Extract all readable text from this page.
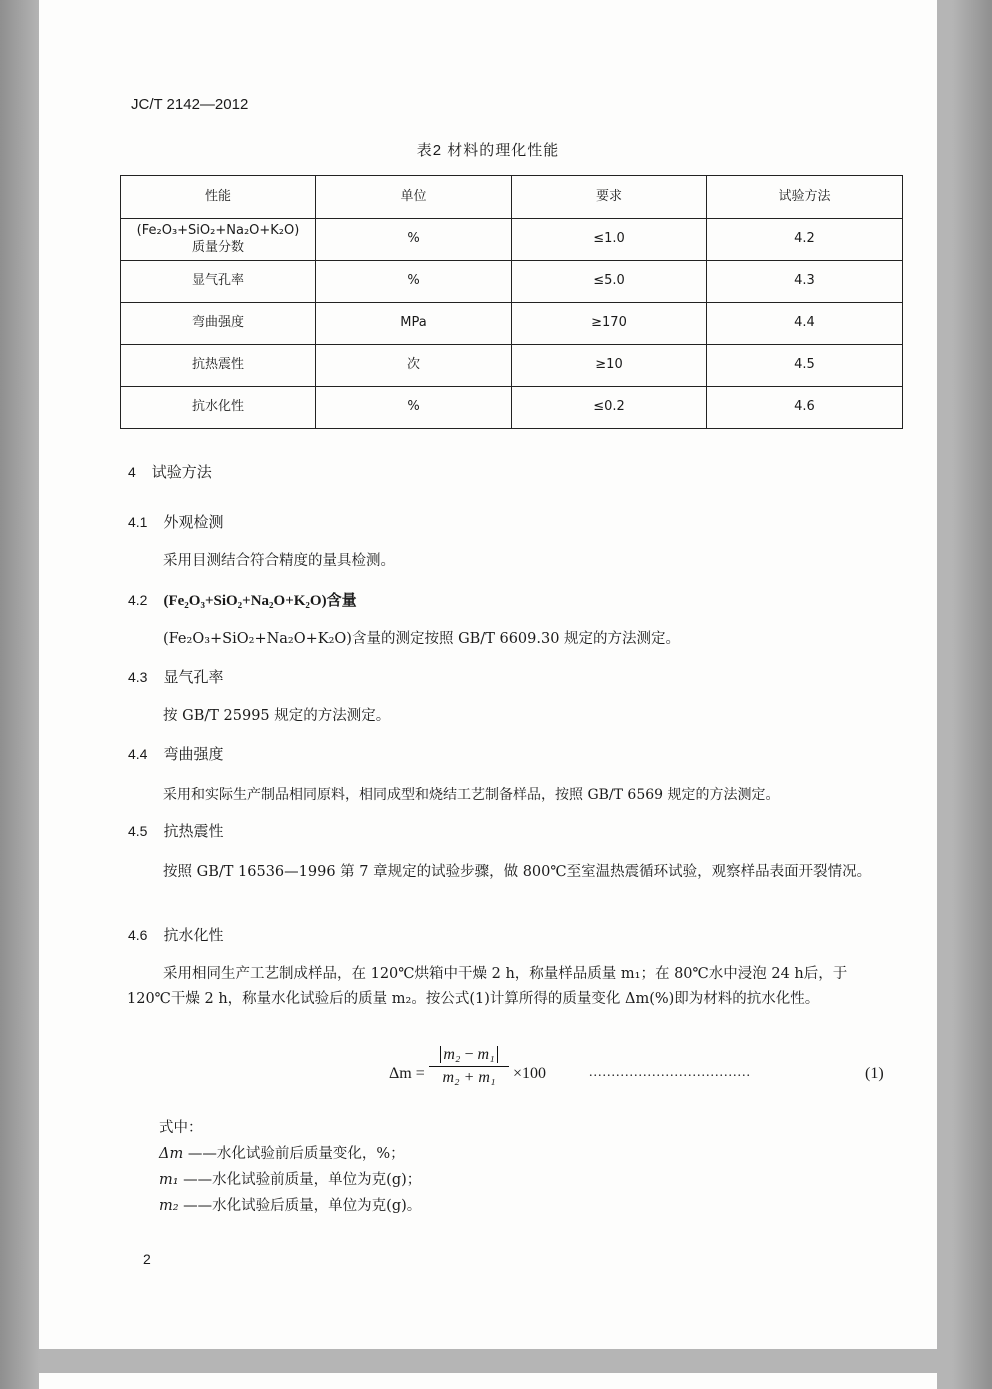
JC/T 2142—2012
表2 材料的理化性能
性能	单位	要求	试验方法

(Fe₂O₃+SiO₂+Na₂O+K₂O)
质量分数	%	≤1.0	4.2
显气孔率	%	≤5.0	4.3
弯曲强度	MPa	≥170	4.4
抗热震性	次	≥10	4.5
抗水化性	%	≤0.2	4.6
4 试验方法
4.1 外观检测
采用目测结合符合精度的量具检测。
4.2 (Fe₂O₃+SiO₂+Na₂O+K₂O)含量
(Fe₂O₃+SiO₂+Na₂O+K₂O)含量的测定按照 GB/T 6609.30 规定的方法测定。
4.3 显气孔率
按 GB/T 25995 规定的方法测定。
4.4 弯曲强度
采用和实际生产制品相同原料，相同成型和烧结工艺制备样品，按照 GB/T 6569 规定的方法测定。
4.5 抗热震性
按照 GB/T 16536—1996 第 7 章规定的试验步骤，做 800℃至室温热震循环试验，观察样品表面开裂情况。
4.6 抗水化性
采用相同生产工艺制成样品，在 120℃烘箱中干燥 2 h，称量样品质量 m₁；在 80℃水中浸泡 24 h后，于 120℃干燥 2 h，称量水化试验后的质量 m₂。按公式(1)计算所得的质量变化 Δm(%)即为材料的抗水化性。
$\Delta m = \frac{\text{m₂ − m₁}}{\text{m₂ + m₁}} \times 100$	....................................	(1)
式中：
Δm ——水化试验前后质量变化，%；
m₁ ——水化试验前质量，单位为克(g)；
m₂ ——水化试验后质量，单位为克(g)。
2
